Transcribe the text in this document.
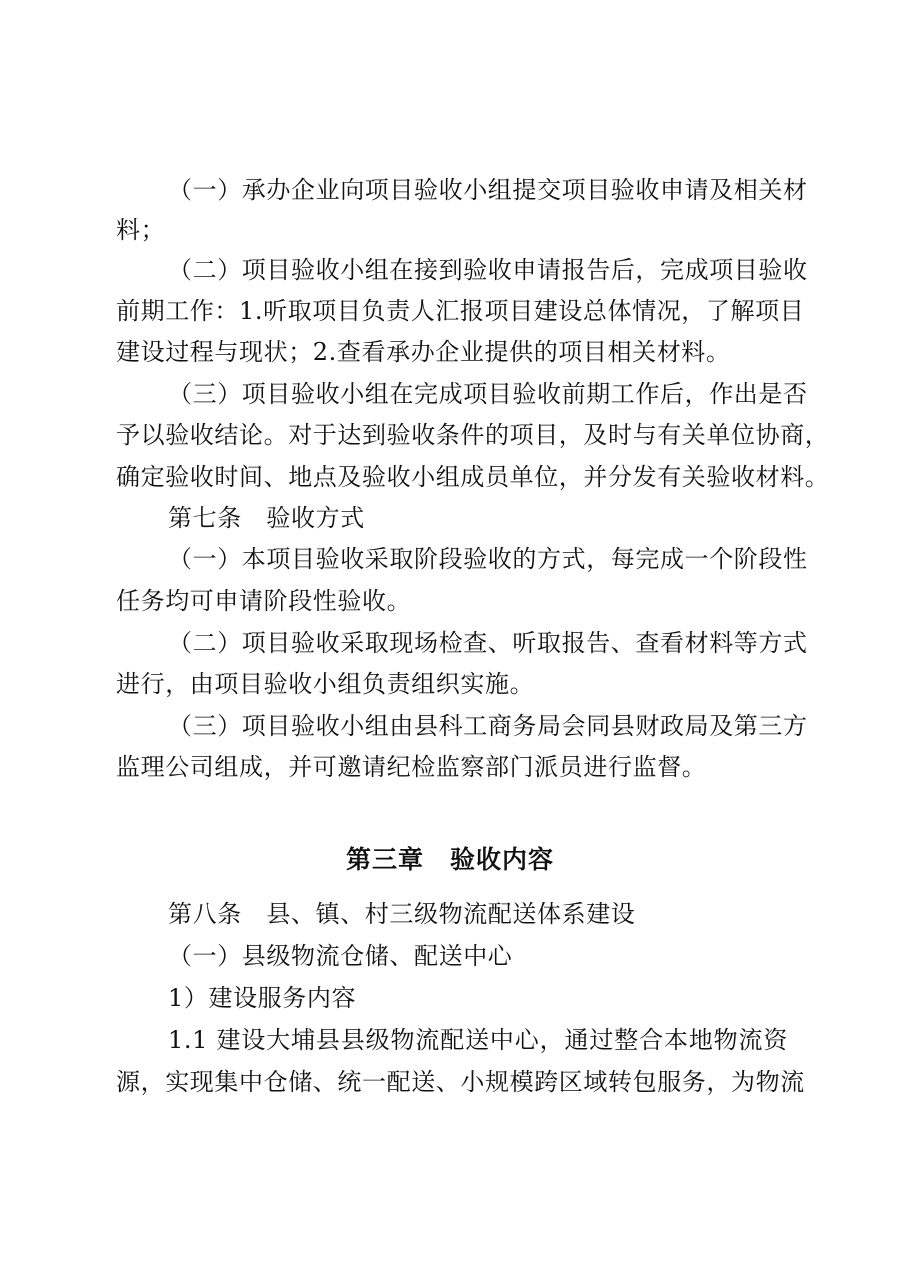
（一）承办企业向项目验收小组提交项目验收申请及相关材
料；
（二）项目验收小组在接到验收申请报告后，完成项目验收
前期工作：1.听取项目负责人汇报项目建设总体情况，了解项目
建设过程与现状；2.查看承办企业提供的项目相关材料。
（三）项目验收小组在完成项目验收前期工作后，作出是否
予以验收结论。对于达到验收条件的项目，及时与有关单位协商，
确定验收时间、地点及验收小组成员单位，并分发有关验收材料。
第七条　验收方式
（一）本项目验收采取阶段验收的方式，每完成一个阶段性
任务均可申请阶段性验收。
（二）项目验收采取现场检查、听取报告、查看材料等方式
进行，由项目验收小组负责组织实施。
（三）项目验收小组由县科工商务局会同县财政局及第三方
监理公司组成，并可邀请纪检监察部门派员进行监督。
第三章　验收内容
第八条　县、镇、村三级物流配送体系建设
（一）县级物流仓储、配送中心
1）建设服务内容
1.1 建设大埔县县级物流配送中心，通过整合本地物流资
源，实现集中仓储、统一配送、小规模跨区域转包服务，为物流
